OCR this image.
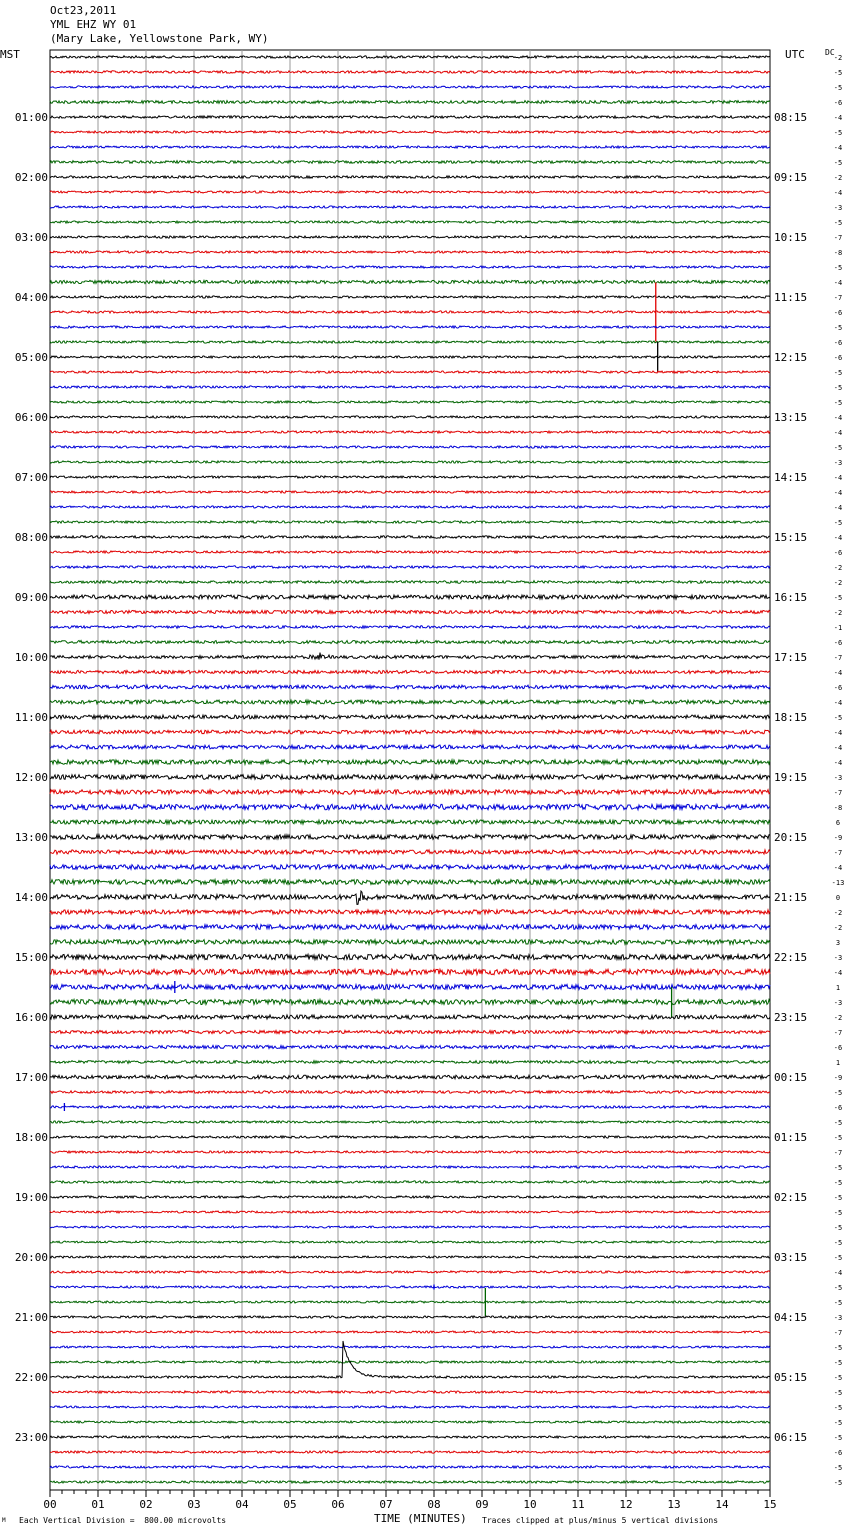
Oct23,2011
YML EHZ WY 01
(Mary Lake, Yellowstone Park, WY)
MST	UTC	DC
-2
-5
-5
-6
-4
-5
-4
-5
-2
-4
-3
-5
-7
-8
-5
-4
-7
-6
-5
-6
-6
-5
-5
-5
-4
-4
-5
-3
-4
-4
-4
-5
-4
-6
-2
-2
-5
-2
-1
-6
-7
-4
-6
-4
-5
-4
-4
-4
-3
-7
-8
6
-9
-7
-4
-13
0
-2
-2
3
-3
-4
1
-3
-2
-7
-6
1
-9
-5
-6
-5
-5
-7
-5
-5
-5
-5
-5
-5
-5
-4
-5
-5
-3
-7
-5
-5
-5
-5
-5
-5
-5
-6
-5
-5
01:00
02:00
03:00
04:00
05:00
06:00
07:00
08:00
09:00
10:00
11:00
12:00
13:00
14:00
15:00
16:00
17:00
18:00
19:00
20:00
21:00
22:00
23:00
08:15
09:15
10:15
11:15
12:15
13:15
14:15
15:15
16:15
17:15
18:15
19:15
20:15
21:15
22:15
23:15
00:15
01:15
02:15
03:15
04:15
05:15
06:15
00	01	02	03	04	05	06	07	08	09	10	11	12	13	14	15
TIME (MINUTES)
Each Vertical Division =  800.00 microvolts	Traces clipped at plus/minus 5 vertical divisions
M
